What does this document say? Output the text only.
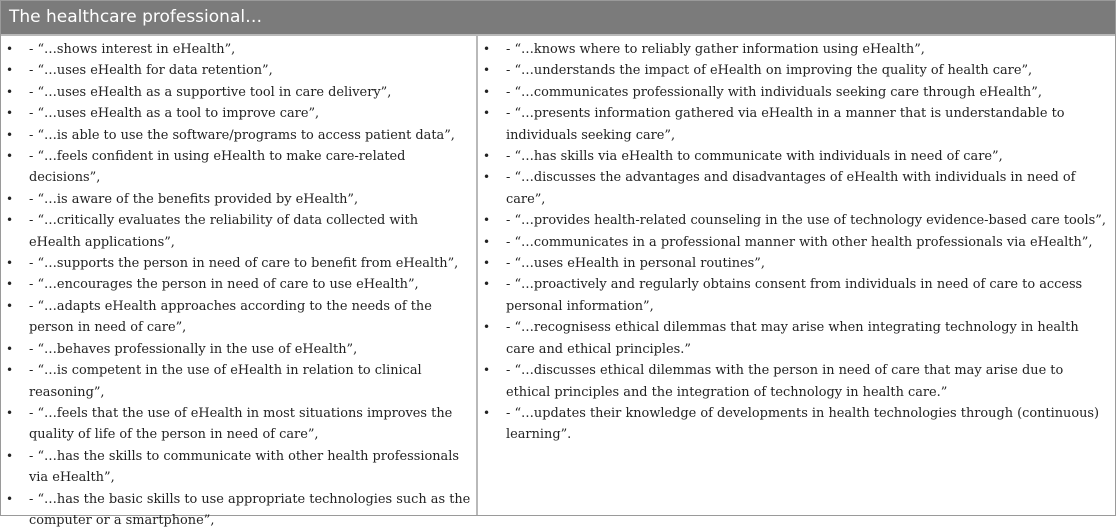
The healthcare professional…
• - “…shows interest in eHealth”,
• - “…uses eHealth for data retention”,
• - “…uses eHealth as a supportive tool in care delivery”,
• - “…uses eHealth as a tool to improve care”,
• - “…is able to use the software/programs to access patient data”,
• - “…feels confident in using eHealth to make care-related decisions”,
• - “…is aware of the benefits provided by eHealth”,
• - “…critically evaluates the reliability of data collected with eHealth applications”,
• - “…supports the person in need of care to benefit from eHealth”,
• - “…encourages the person in need of care to use eHealth”,
• - “…adapts eHealth approaches according to the needs of the person in need of care”,
• - “…behaves professionally in the use of eHealth”,
• - “…is competent in the use of eHealth in relation to clinical reasoning”,
• - “…feels that the use of eHealth in most situations improves the quality of life of the person in need of care”,
• - “…has the skills to communicate with other health professionals via eHealth”,
• - “…has the basic skills to use appropriate technologies such as the computer or a smartphone”,
• - “…knows where to reliably gather information using eHealth”,
• - “…understands the impact of eHealth on improving the quality of health care”,
• - “…communicates professionally with individuals seeking care through eHealth”,
• - “…presents information gathered via eHealth in a manner that is understandable to individuals seeking care”,
• - “…has skills via eHealth to communicate with individuals in need of care”,
• - “…discusses the advantages and disadvantages of eHealth with individuals in need of care”,
• - “…provides health-related counseling in the use of technology evidence-based care tools”,
• - “…communicates in a professional manner with other health professionals via eHealth”,
• - “…uses eHealth in personal routines”,
• - “…proactively and regularly obtains consent from individuals in need of care to access personal information”,
• - “…recognisess ethical dilemmas that may arise when integrating technology in health care and ethical principles.”
• - “…discusses ethical dilemmas with the person in need of care that may arise due to ethical principles and the integration of technology in health care.”
• - “…updates their knowledge of developments in health technologies through (continuous) learning”.
